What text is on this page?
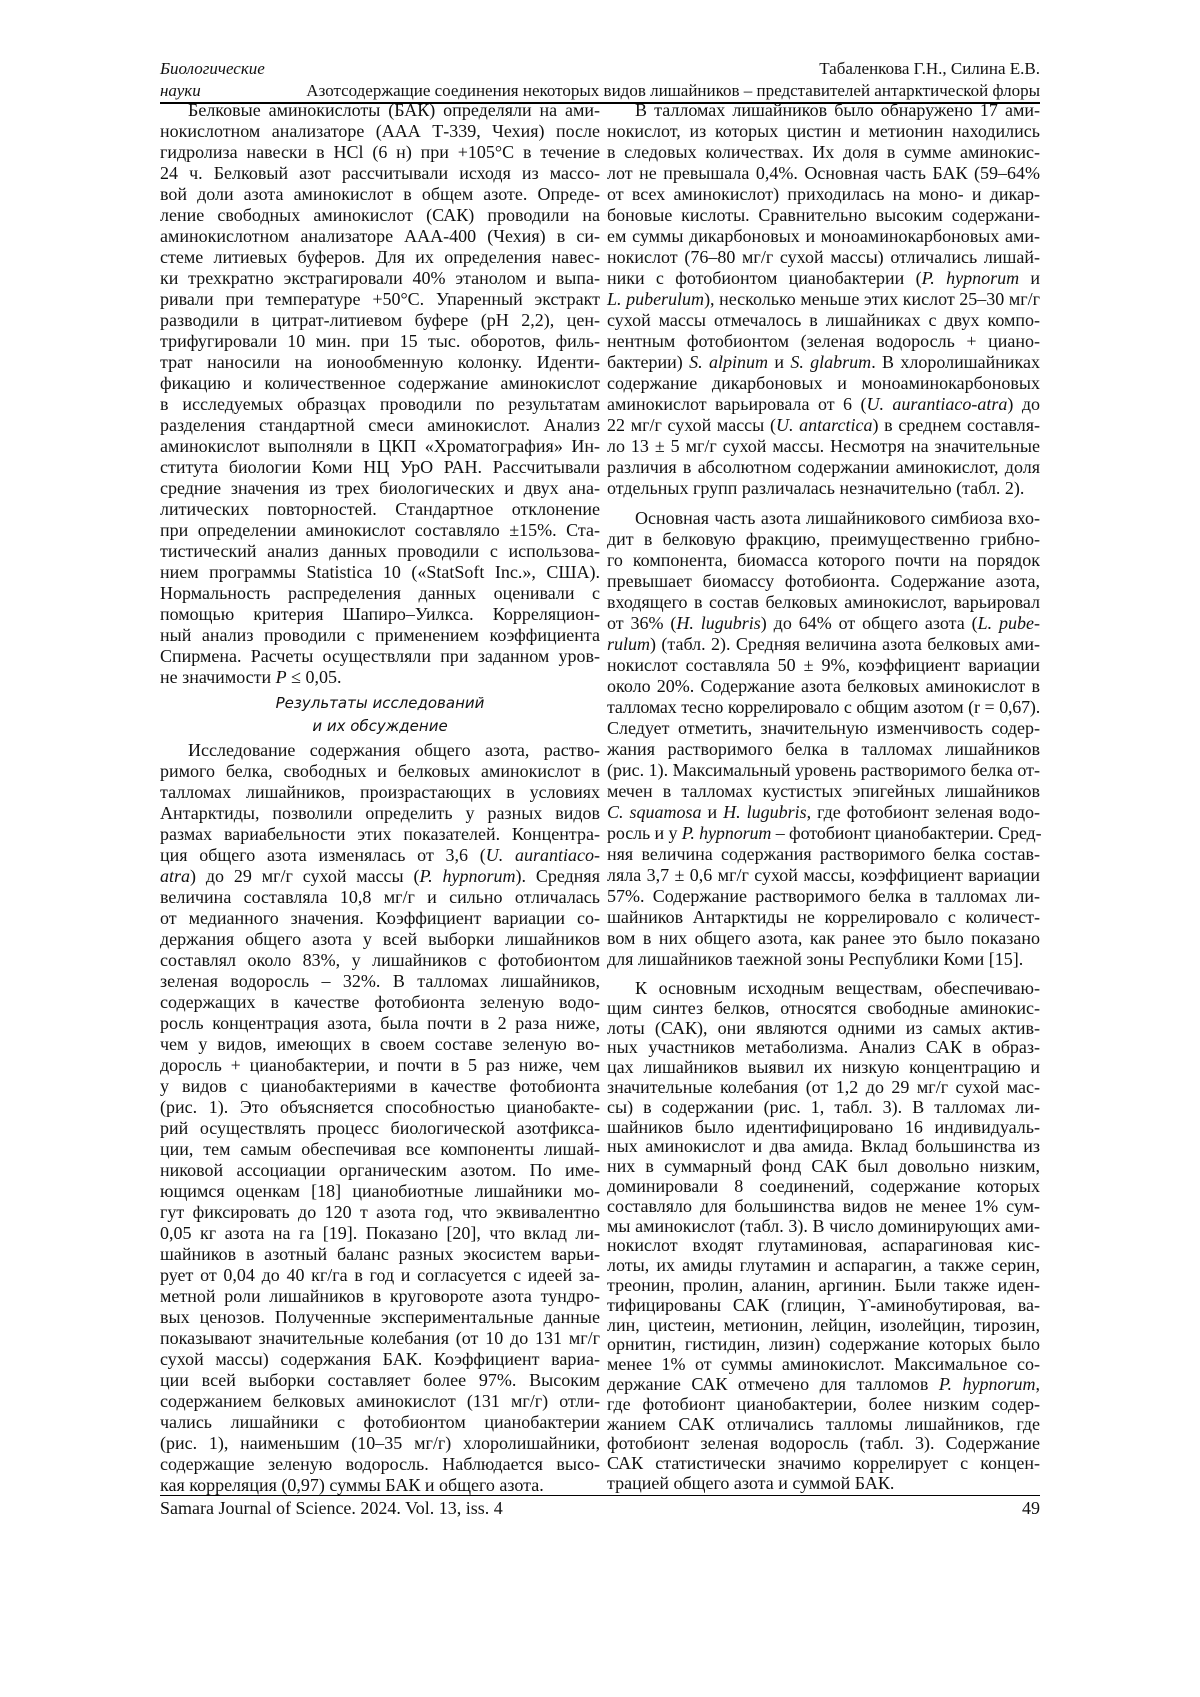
Биологические
науки
Табаленкова Г.Н., Силина Е.В.
Азотсодержащие соединения некоторых видов лишайников – представителей антарктической флоры
Белковые аминокислоты (БАК) определяли на ами-
нокислотном анализаторе (ААА Т-339, Чехия) после
гидролиза навески в HCl (6 н) при +105°С в течение
24 ч. Белковый азот рассчитывали исходя из массо-
вой доли азота аминокислот в общем азоте. Опреде-
ление свободных аминокислот (САК) проводили на
аминокислотном анализаторе ААА-400 (Чехия) в си-
стеме литиевых буферов. Для их определения навес-
ки трехкратно экстрагировали 40% этанолом и выпа-
ривали при температуре +50°С. Упаренный экстракт
разводили в цитрат-литиевом буфере (рН 2,2), цен-
трифугировали 10 мин. при 15 тыс. оборотов, филь-
трат наносили на ионообменную колонку. Иденти-
фикацию и количественное содержание аминокислот
в исследуемых образцах проводили по результатам
разделения стандартной смеси аминокислот. Анализ
аминокислот выполняли в ЦКП «Хроматография» Ин-
ститута биологии Коми НЦ УрО РАН. Рассчитывали
средние значения из трех биологических и двух ана-
литических повторностей. Стандартное отклонение
при определении аминокислот составляло ±15%. Ста-
тистический анализ данных проводили с использова-
нием программы Statistica 10 («StatSoft Inc.», США).
Нормальность распределения данных оценивали с
помощью критерия Шапиро–Уилкса. Корреляцион-
ный анализ проводили с применением коэффициента
Спирмена. Расчеты осуществляли при заданном уров-
не значимости P ≤ 0,05.
Результаты исследований
и их обсуждение
Исследование содержания общего азота, раство-
римого белка, свободных и белковых аминокислот в
талломах лишайников, произрастающих в условиях
Антарктиды, позволили определить у разных видов
размах вариабельности этих показателей. Концентра-
ция общего азота изменялась от 3,6 (U. aurantiaco-
atra) до 29 мг/г сухой массы (P. hypnorum). Средняя
величина составляла 10,8 мг/г и сильно отличалась
от медианного значения. Коэффициент вариации со-
держания общего азота у всей выборки лишайников
составлял около 83%, у лишайников с фотобионтом
зеленая водоросль – 32%. В талломах лишайников,
содержащих в качестве фотобионта зеленую водо-
росль концентрация азота, была почти в 2 раза ниже,
чем у видов, имеющих в своем составе зеленую во-
доросль + цианобактерии, и почти в 5 раз ниже, чем
у видов с цианобактериями в качестве фотобионта
(рис. 1). Это объясняется способностью цианобакте-
рий осуществлять процесс биологической азотфикса-
ции, тем самым обеспечивая все компоненты лишай-
никовой ассоциации органическим азотом. По име-
ющимся оценкам [18] цианобиотные лишайники мо-
гут фиксировать до 120 т азота год, что эквивалентно
0,05 кг азота на га [19]. Показано [20], что вклад ли-
шайников в азотный баланс разных экосистем варьи-
рует от 0,04 до 40 кг/га в год и согласуется с идеей за-
метной роли лишайников в круговороте азота тундро-
вых ценозов. Полученные экспериментальные данные
показывают значительные колебания (от 10 до 131 мг/г
сухой массы) содержания БАК. Коэффициент вариа-
ции всей выборки составляет более 97%. Высоким
содержанием белковых аминокислот (131 мг/г) отли-
чались лишайники с фотобионтом цианобактерии
(рис. 1), наименьшим (10–35 мг/г) хлоролишайники,
содержащие зеленую водоросль. Наблюдается высо-
кая корреляция (0,97) суммы БАК и общего азота.
В талломах лишайников было обнаружено 17 ами-
нокислот, из которых цистин и метионин находились
в следовых количествах. Их доля в сумме аминокис-
лот не превышала 0,4%. Основная часть БАК (59–64%
от всех аминокислот) приходилась на моно- и дикар-
боновые кислоты. Сравнительно высоким содержани-
ем суммы дикарбоновых и моноаминокарбоновых ами-
нокислот (76–80 мг/г сухой массы) отличались лишай-
ники с фотобионтом цианобактерии (P. hypnorum и
L. puberulum), несколько меньше этих кислот 25–30 мг/г
сухой массы отмечалось в лишайниках с двух компо-
нентным фотобионтом (зеленая водоросль + циано-
бактерии) S. alpinum и S. glabrum. В хлоролишайниках
содержание дикарбоновых и моноаминокарбоновых
аминокислот варьировала от 6 (U. aurantiaco-atra) до
22 мг/г сухой массы (U. antarctica) в среднем составля-
ло 13 ± 5 мг/г сухой массы. Несмотря на значительные
различия в абсолютном содержании аминокислот, доля
отдельных групп различалась незначительно (табл. 2).
Основная часть азота лишайникового симбиоза вхо-
дит в белковую фракцию, преимущественно грибно-
го компонента, биомасса которого почти на порядок
превышает биомассу фотобионта. Содержание азота,
входящего в состав белковых аминокислот, варьировал
от 36% (H. lugubris) до 64% от общего азота (L. pube-
rulum) (табл. 2). Средняя величина азота белковых ами-
нокислот составляла 50 ± 9%, коэффициент вариации
около 20%. Содержание азота белковых аминокислот в
талломах тесно коррелировало с общим азотом (r = 0,67).
Следует отметить, значительную изменчивость содер-
жания растворимого белка в талломах лишайников
(рис. 1). Максимальный уровень растворимого белка от-
мечен в талломах кустистых эпигейных лишайников
C. squamosa и H. lugubris, где фотобионт зеленая водо-
росль и у P. hypnorum – фотобионт цианобактерии. Сред-
няя величина содержания растворимого белка состав-
ляла 3,7 ± 0,6 мг/г сухой массы, коэффициент вариации
57%. Содержание растворимого белка в талломах ли-
шайников Антарктиды не коррелировало с количест-
вом в них общего азота, как ранее это было показано
для лишайников таежной зоны Республики Коми [15].
К основным исходным веществам, обеспечиваю-
щим синтез белков, относятся свободные аминокис-
лоты (САК), они являются одними из самых актив-
ных участников метаболизма. Анализ САК в образ-
цах лишайников выявил их низкую концентрацию и
значительные колебания (от 1,2 до 29 мг/г сухой мас-
сы) в содержании (рис. 1, табл. 3). В талломах ли-
шайников было идентифицировано 16 индивидуаль-
ных аминокислот и два амида. Вклад большинства из
них в суммарный фонд САК был довольно низким,
доминировали 8 соединений, содержание которых
составляло для большинства видов не менее 1% сум-
мы аминокислот (табл. 3). В число доминирующих ами-
нокислот входят глутаминовая, аспарагиновая кис-
лоты, их амиды глутамин и аспарагин, а также серин,
треонин, пролин, аланин, аргинин. Были также иден-
тифицированы САК (глицин, ϒ-аминобутировая, ва-
лин, цистеин, метионин, лейцин, изолейцин, тирозин,
орнитин, гистидин, лизин) содержание которых было
менее 1% от суммы аминокислот. Максимальное со-
держание САК отмечено для талломов P. hypnorum,
где фотобионт цианобактерии, более низким содер-
жанием САК отличались талломы лишайников, где
фотобионт зеленая водоросль (табл. 3). Содержание
САК статистически значимо коррелирует с концен-
трацией общего азота и суммой БАК.
Samara Journal of Science. 2024. Vol. 13, iss. 4	49
